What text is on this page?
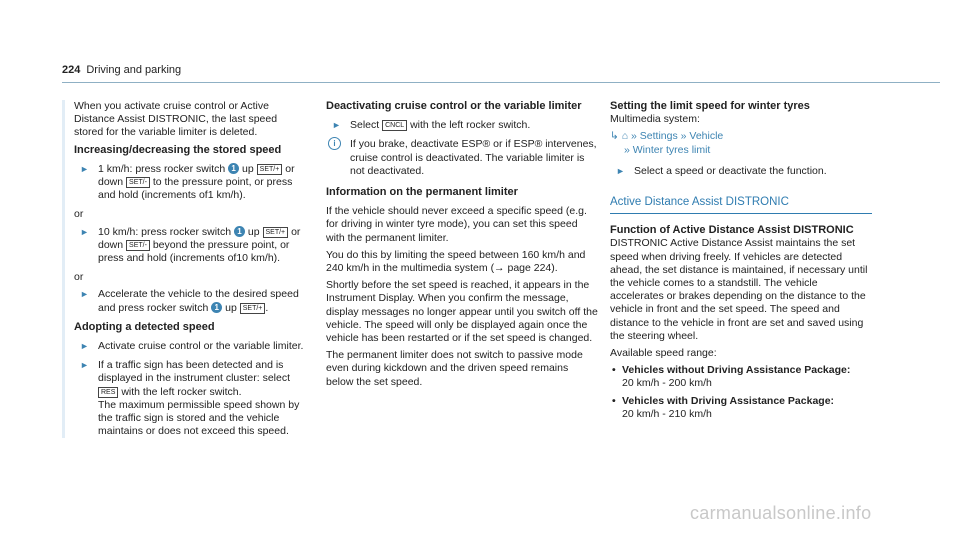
224 Driving and parking

When you activate cruise control or Active Distance Assist DISTRONIC, the last speed stored for the variable limiter is deleted.

Increasing/decreasing the stored speed

► 1 km/h: press rocker switch 1 up SET/+ or down SET/- to the pressure point, or press and hold (increments of1 km/h).

or

► 10 km/h: press rocker switch 1 up SET/+ or down SET/- beyond the pressure point, or press and hold (increments of10 km/h).

or

► Accelerate the vehicle to the desired speed and press rocker switch 1 up SET/+ .

Adopting a detected speed

► Activate cruise control or the variable limiter.
► If a traffic sign has been detected and is displayed in the instrument cluster: select RES with the left rocker switch.
The maximum permissible speed shown by the traffic sign is stored and the vehicle maintains or does not exceed this speed.

Deactivating cruise control or the variable limiter

► Select CNCL with the left rocker switch.
i	If you brake, deactivate ESP® or if ESP® intervenes, cruise control is deactivated. The variable limiter is not deactivated.

Information on the permanent limiter

If the vehicle should never exceed a specific speed (e.g. for driving in winter tyre mode), you can set this speed with the permanent limiter.

You do this by limiting the speed between 160 km/h and 240 km/h in the multimedia system (→ page 224).

Shortly before the set speed is reached, it appears in the Instrument Display. When you confirm the message, display messages no longer appear until you switch off the vehicle. The speed will only be displayed again once the vehicle has been restarted or if the set speed is changed.

The permanent limiter does not switch to passive mode even during kickdown and the driven speed remains below the set speed.

Setting the limit speed for winter tyres

Multimedia system:

↳ ⌂ » Settings » Vehicle
» Winter tyres limit
► Select a speed or deactivate the function.
Active Distance Assist DISTRONIC

Function of Active Distance Assist DISTRONIC

DISTRONIC Active Distance Assist maintains the set speed when driving freely. If vehicles are detected ahead, the set distance is maintained, if necessary until the vehicle comes to a standstill. The vehicle accelerates or brakes depending on the distance to the vehicle in front and the set speed. The speed and distance to the vehicle in front are set and saved using the steering wheel.

Available speed range:

• Vehicles without Driving Assistance Package:
20 km/h - 200 km/h
• Vehicles with Driving Assistance Package:
20 km/h - 210 km/h
carmanualsonline.info
